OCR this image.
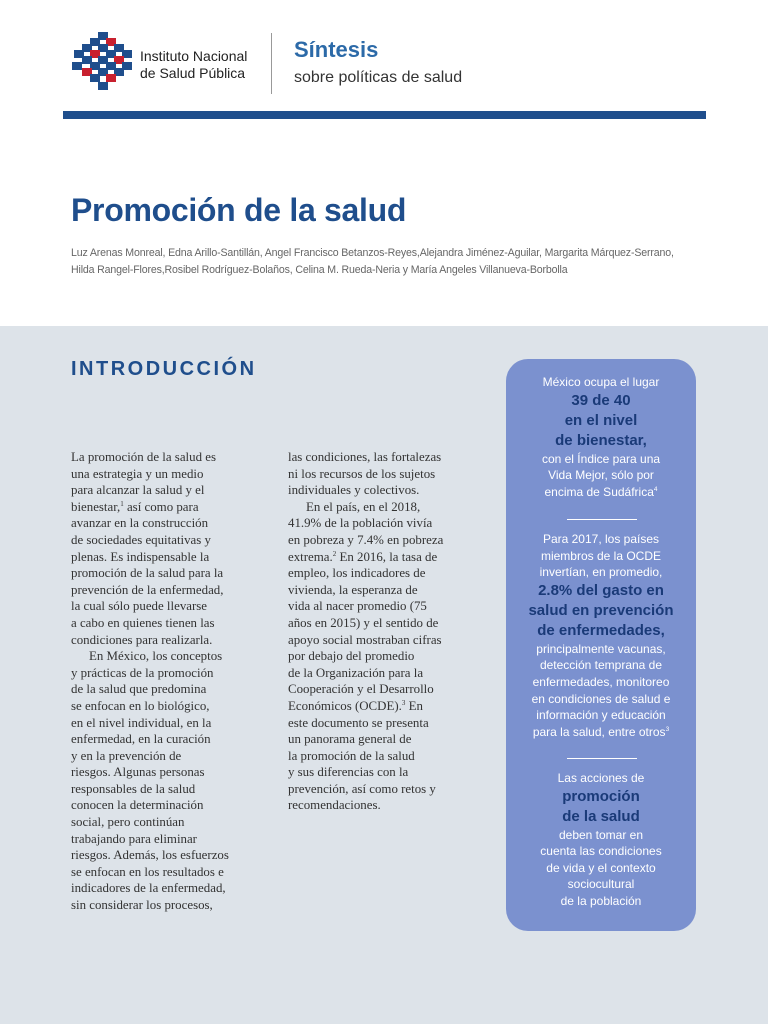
Instituto Nacional
de Salud Pública
Síntesis
sobre políticas de salud
Promoción de la salud
Luz Arenas Monreal, Edna Arillo-Santillán, Angel Francisco Betanzos-Reyes,Alejandra Jiménez-Aguilar, Margarita Márquez-Serrano,
Hilda Rangel-Flores,Rosibel Rodríguez-Bolaños, Celina M. Rueda-Neria y María Angeles Villanueva-Borbolla
INTRODUCCIÓN
La promoción de la salud es
una estrategia y un medio
para alcanzar la salud y el
bienestar,$^1$ así como para
avanzar en la construcción
de sociedades equitativas y
plenas. Es indispensable la
promoción de la salud para la
prevención de la enfermedad,
la cual sólo puede llevarse
a cabo en quienes tienen las
condiciones para realizarla.
En México, los conceptos
y prácticas de la promoción
de la salud que predomina
se enfocan en lo biológico,
en el nivel individual, en la
enfermedad, en la curación
y en la prevención de
riesgos. Algunas personas
responsables de la salud
conocen la determinación
social, pero continúan
trabajando para eliminar
riesgos. Además, los esfuerzos
se enfocan en los resultados e
indicadores de la enfermedad,
sin considerar los procesos,
las condiciones, las fortalezas
ni los recursos de los sujetos
individuales y colectivos.
En el país, en el 2018,
41.9% de la población vivía
en pobreza y 7.4% en pobreza
extrema.$^2$ En 2016, la tasa de
empleo, los indicadores de
vivienda, la esperanza de
vida al nacer promedio (75
años en 2015) y el sentido de
apoyo social mostraban cifras
por debajo del promedio
de la Organización para la
Cooperación y el Desarrollo
Económicos (OCDE).$^3$ En
este documento se presenta
un panorama general de
la promoción de la salud
y sus diferencias con la
prevención, así como retos y
recomendaciones.
México ocupa el lugar
39 de 40
en el nivel
de bienestar,
con el Índice para una
Vida Mejor, sólo por
encima de Sudáfrica$^4$
Para 2017, los países
miembros de la OCDE
invertían, en promedio,
2.8% del gasto en
salud en prevención
de enfermedades,
principalmente vacunas,
detección temprana de
enfermedades, monitoreo
en condiciones de salud e
información y educación
para la salud, entre otros$^3$
Las acciones de
promoción
de la salud
deben tomar en
cuenta las condiciones
de vida y el contexto
sociocultural
de la población
